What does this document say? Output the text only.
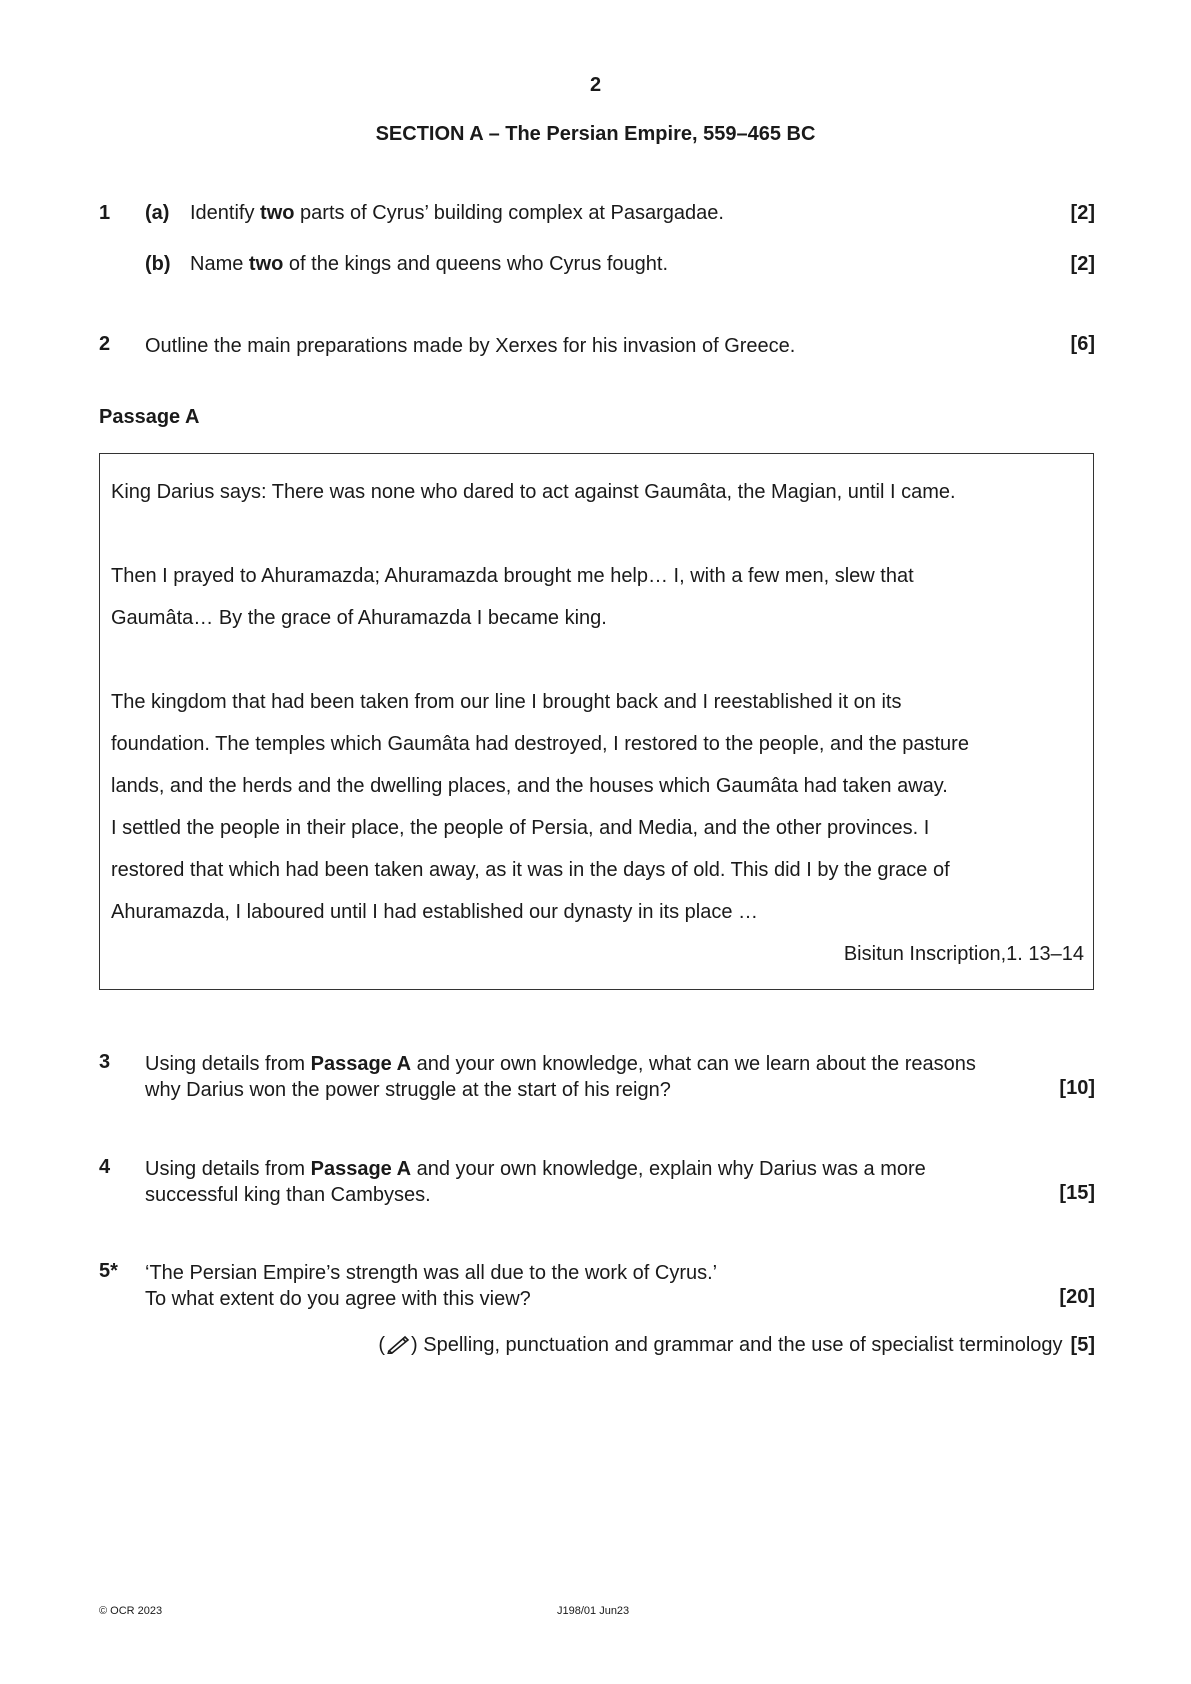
2
SECTION A – The Persian Empire, 559–465 BC
1 (a) Identify two parts of Cyrus’ building complex at Pasargadae.	[2]
(b) Name two of the kings and queens who Cyrus fought.	[2]
2 Outline the main preparations made by Xerxes for his invasion of Greece.	[6]
Passage A
King Darius says: There was none who dared to act against Gaumâta, the Magian, until I came.
Then I prayed to Ahuramazda; Ahuramazda brought me help… I, with a few men, slew that
Gaumâta… By the grace of Ahuramazda I became king.
The kingdom that had been taken from our line I brought back and I reestablished it on its
foundation. The temples which Gaumâta had destroyed, I restored to the people, and the pasture
lands, and the herds and the dwelling places, and the houses which Gaumâta had taken away.
I settled the people in their place, the people of Persia, and Media, and the other provinces. I
restored that which had been taken away, as it was in the days of old. This did I by the grace of
Ahuramazda, I laboured until I had established our dynasty in its place …
Bisitun Inscription,1. 13–14
3 Using details from Passage A and your own knowledge, what can we learn about the reasons
why Darius won the power struggle at the start of his reign?	[10]
4 Using details from Passage A and your own knowledge, explain why Darius was a more
successful king than Cambyses.	[15]
5* ‘The Persian Empire’s strength was all due to the work of Cyrus.’
To what extent do you agree with this view?	[20]
( ) Spelling, punctuation and grammar and the use of specialist terminology [5]
© OCR 2023	J198/01 Jun23
